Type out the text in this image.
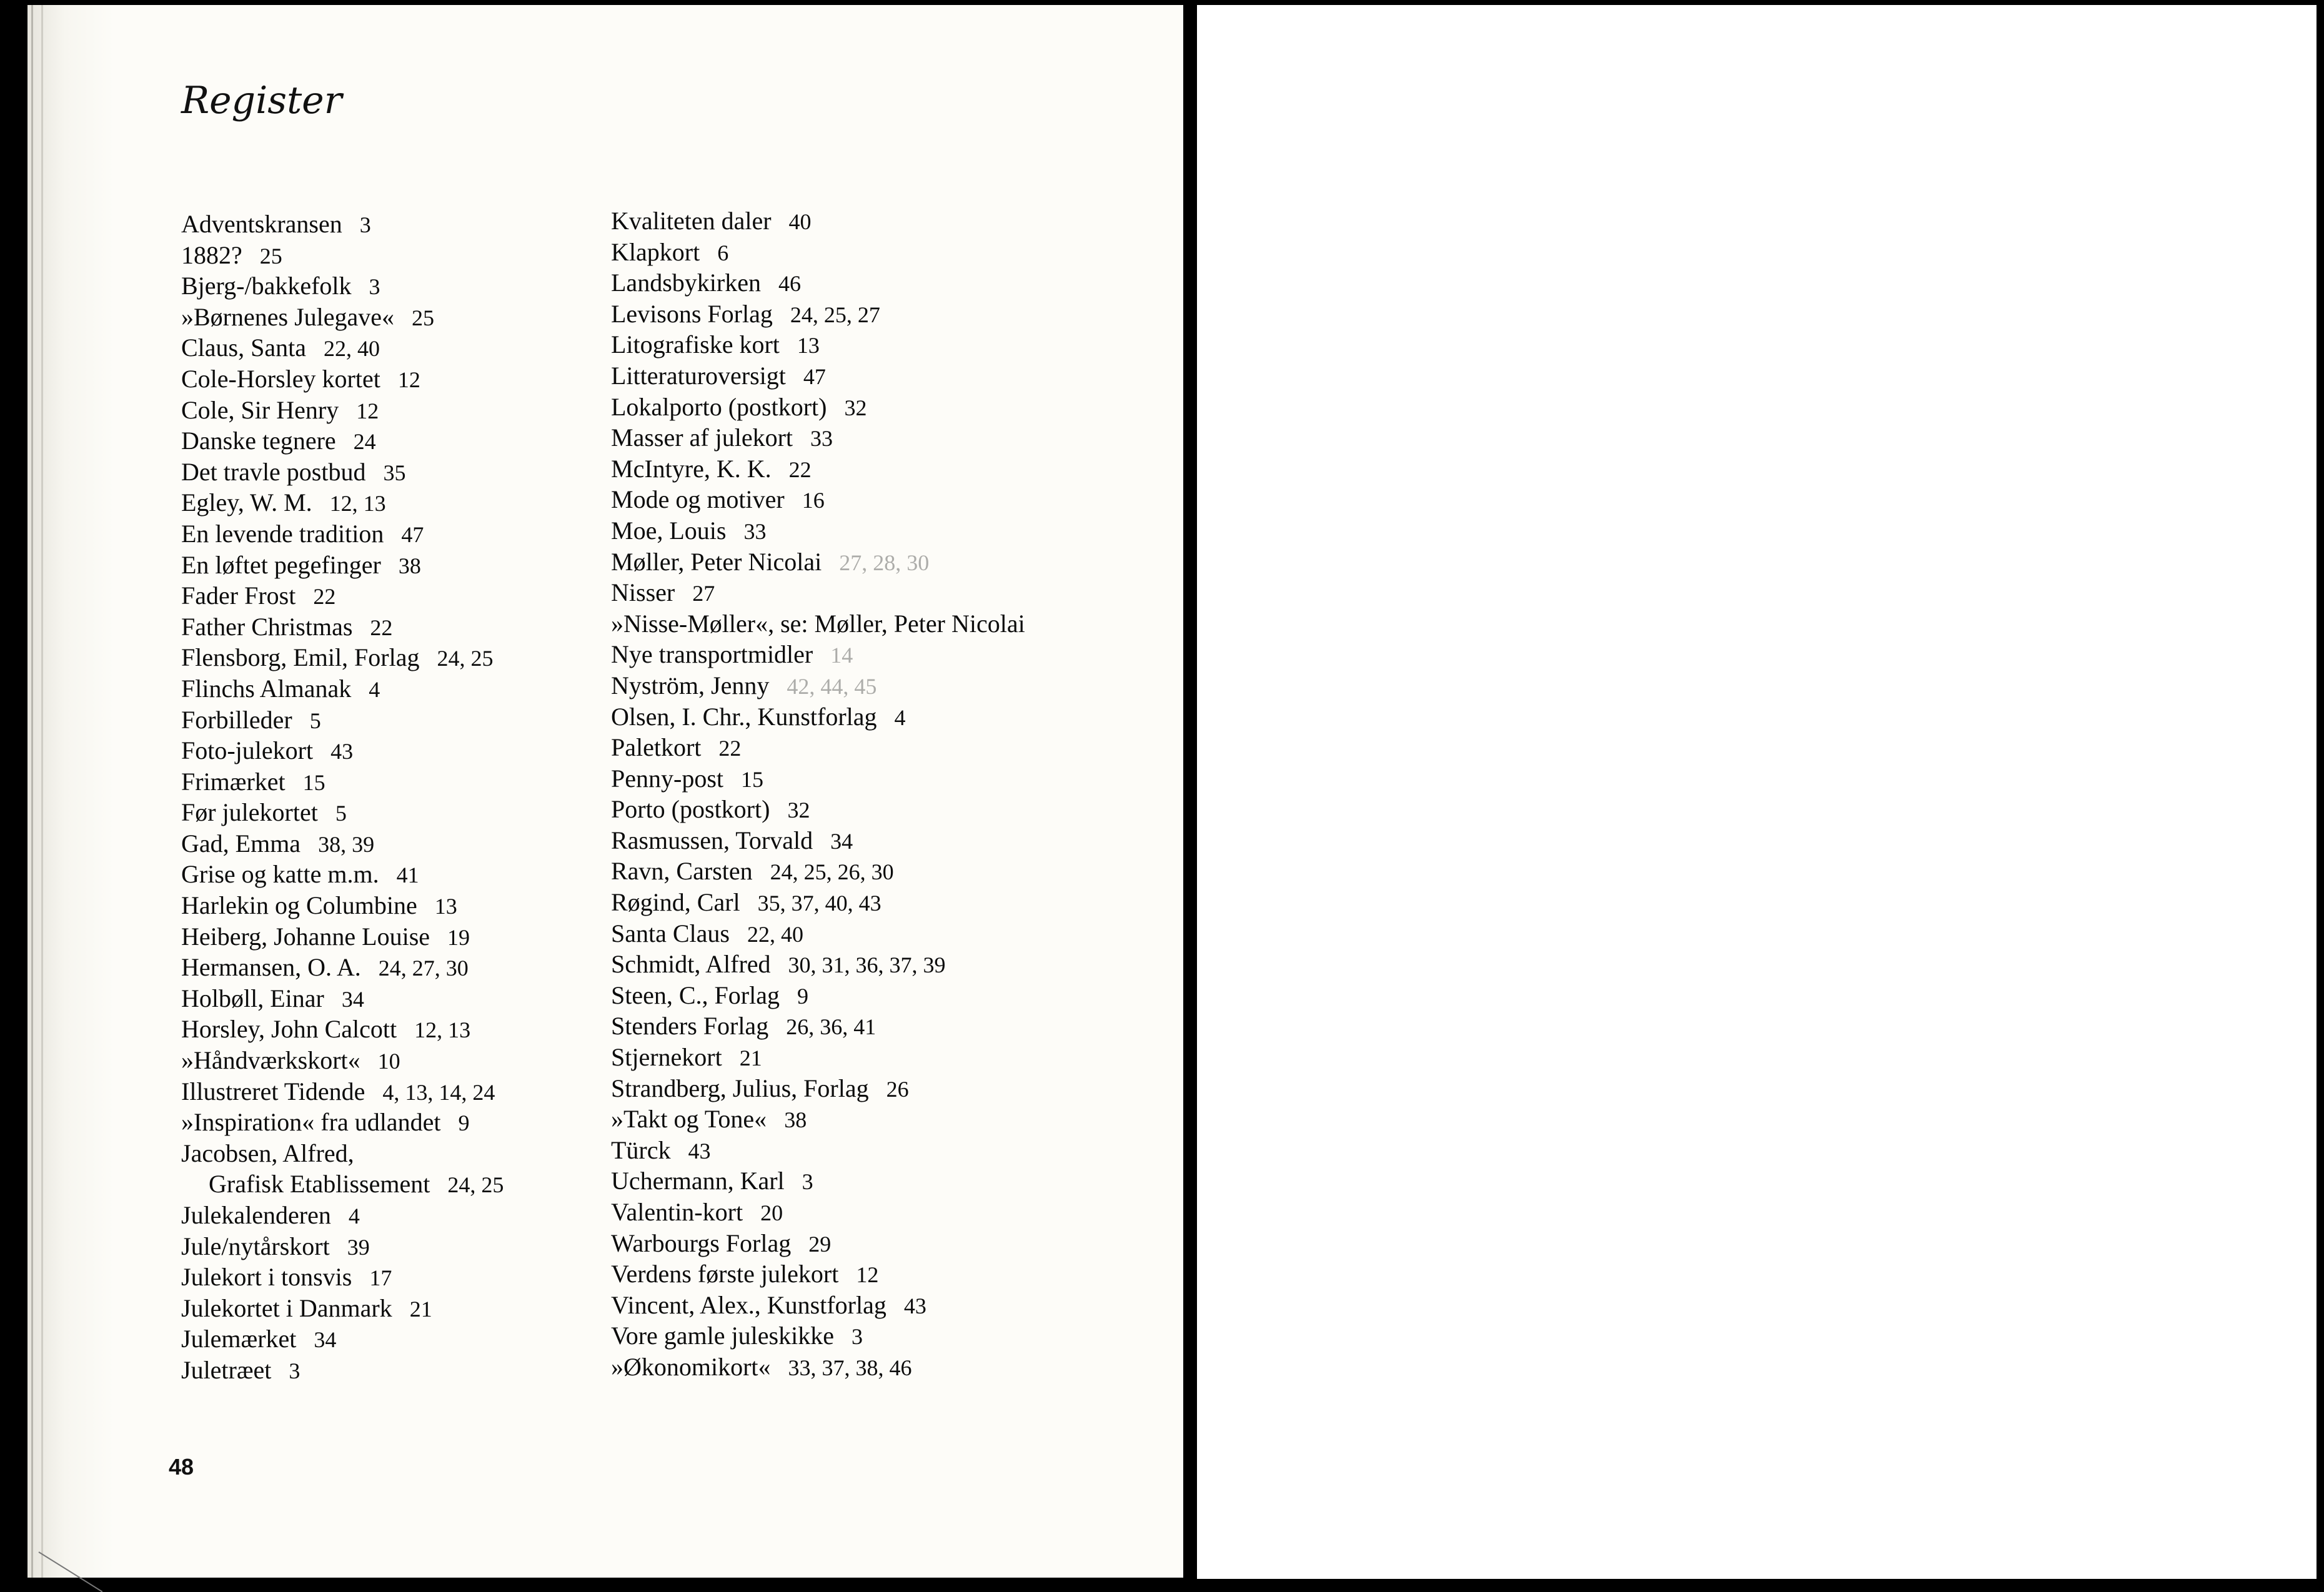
Register
Adventskransen 3
1882? 25
Bjerg-/bakkefolk 3
»Børnenes Julegave« 25
Claus, Santa 22, 40
Cole-Horsley kortet 12
Cole, Sir Henry 12
Danske tegnere 24
Det travle postbud 35
Egley, W. M. 12, 13
En levende tradition 47
En løftet pegefinger 38
Fader Frost 22
Father Christmas 22
Flensborg, Emil, Forlag 24, 25
Flinchs Almanak 4
Forbilleder 5
Foto-julekort 43
Frimærket 15
Før julekortet 5
Gad, Emma 38, 39
Grise og katte m.m. 41
Harlekin og Columbine 13
Heiberg, Johanne Louise 19
Hermansen, O. A. 24, 27, 30
Holbøll, Einar 34
Horsley, John Calcott 12, 13
»Håndværkskort« 10
Illustreret Tidende 4, 13, 14, 24
»Inspiration« fra udlandet 9
Jacobsen, Alfred,
Grafisk Etablissement 24, 25
Julekalenderen 4
Jule/nytårskort 39
Julekort i tonsvis 17
Julekortet i Danmark 21
Julemærket 34
Juletræet 3
Kvaliteten daler 40
Klapkort 6
Landsbykirken 46
Levisons Forlag 24, 25, 27
Litografiske kort 13
Litteraturoversigt 47
Lokalporto (postkort) 32
Masser af julekort 33
McIntyre, K. K. 22
Mode og motiver 16
Moe, Louis 33
Møller, Peter Nicolai 27, 28, 30
Nisser 27
»Nisse-Møller«, se: Møller, Peter Nicolai
Nye transportmidler 14
Nyström, Jenny 42, 44, 45
Olsen, I. Chr., Kunstforlag 4
Paletkort 22
Penny-post 15
Porto (postkort) 32
Rasmussen, Torvald 34
Ravn, Carsten 24, 25, 26, 30
Røgind, Carl 35, 37, 40, 43
Santa Claus 22, 40
Schmidt, Alfred 30, 31, 36, 37, 39
Steen, C., Forlag 9
Stenders Forlag 26, 36, 41
Stjernekort 21
Strandberg, Julius, Forlag 26
»Takt og Tone« 38
Türck 43
Uchermann, Karl 3
Valentin-kort 20
Warbourgs Forlag 29
Verdens første julekort 12
Vincent, Alex., Kunstforlag 43
Vore gamle juleskikke 3
»Økonomikort« 33, 37, 38, 46
48
